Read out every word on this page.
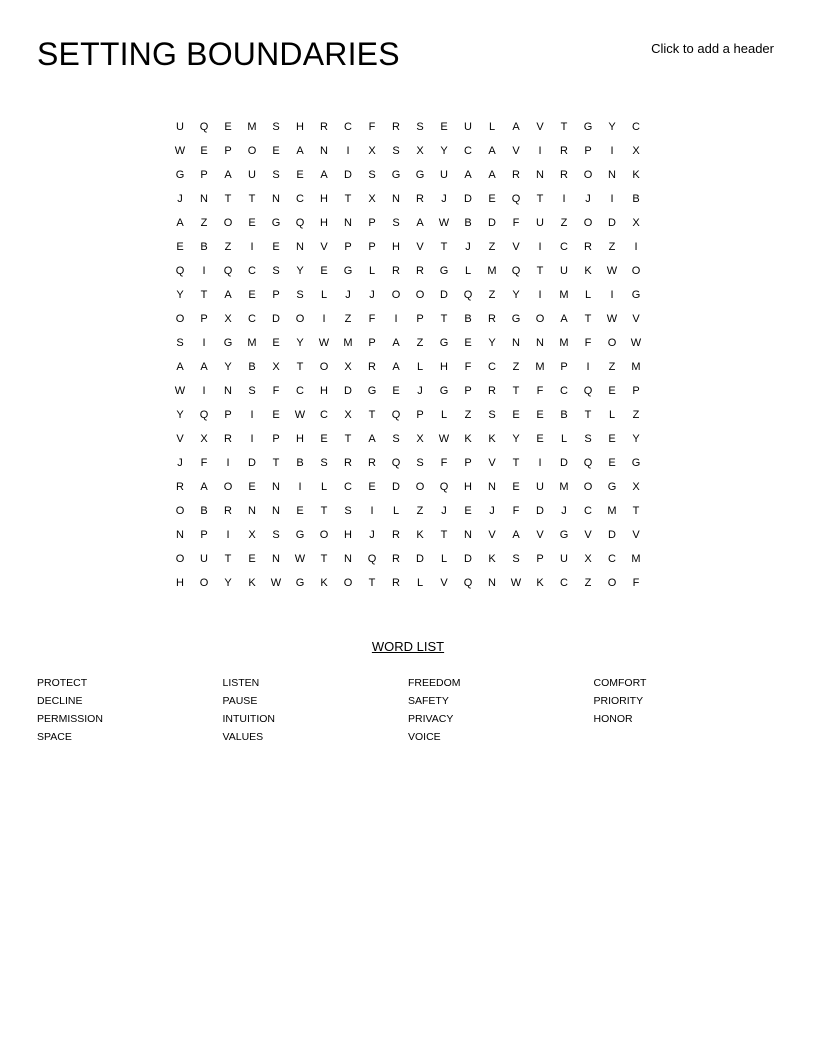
SETTING BOUNDARIES	Click to add a header
U	Q	E	M	S	H	R	C	F	R	S	E	U	L	A	V	T	G	Y	C
W	E	P	O	E	A	N	I	X	S	X	Y	C	A	V	I	R	P	I	X
G	P	A	U	S	E	A	D	S	G	G	U	A	A	R	N	R	O	N	K
J	N	T	T	N	C	H	T	X	N	R	J	D	E	Q	T	I	J	I	B
A	Z	O	E	G	Q	H	N	P	S	A	W	B	D	F	U	Z	O	D	X
E	B	Z	I	E	N	V	P	P	H	V	T	J	Z	V	I	C	R	Z	I
Q	I	Q	C	S	Y	E	G	L	R	R	G	L	M	Q	T	U	K	W	O
Y	T	A	E	P	S	L	J	J	O	O	D	Q	Z	Y	I	M	L	I	G
O	P	X	C	D	O	I	Z	F	I	P	T	B	R	G	O	A	T	W	V
S	I	G	M	E	Y	W	M	P	A	Z	G	E	Y	N	N	M	F	O	W
A	A	Y	B	X	T	O	X	R	A	L	H	F	C	Z	M	P	I	Z	M
W	I	N	S	F	C	H	D	G	E	J	G	P	R	T	F	C	Q	E	P
Y	Q	P	I	E	W	C	X	T	Q	P	L	Z	S	E	E	B	T	L	Z
V	X	R	I	P	H	E	T	A	S	X	W	K	K	Y	E	L	S	E	Y
J	F	I	D	T	B	S	R	R	Q	S	F	P	V	T	I	D	Q	E	G
R	A	O	E	N	I	L	C	E	D	O	Q	H	N	E	U	M	O	G	X
O	B	R	N	N	E	T	S	I	L	Z	J	E	J	F	D	J	C	M	T
N	P	I	X	S	G	O	H	J	R	K	T	N	V	A	V	G	V	D	V
O	U	T	E	N	W	T	N	Q	R	D	L	D	K	S	P	U	X	C	M
H	O	Y	K	W	G	K	O	T	R	L	V	Q	N	W	K	C	Z	O	F
WORD LIST
PROTECT
DECLINE
PERMISSION
SPACE
LISTEN
PAUSE
INTUITION
VALUES
FREEDOM
SAFETY
PRIVACY
VOICE
COMFORT
PRIORITY
HONOR
